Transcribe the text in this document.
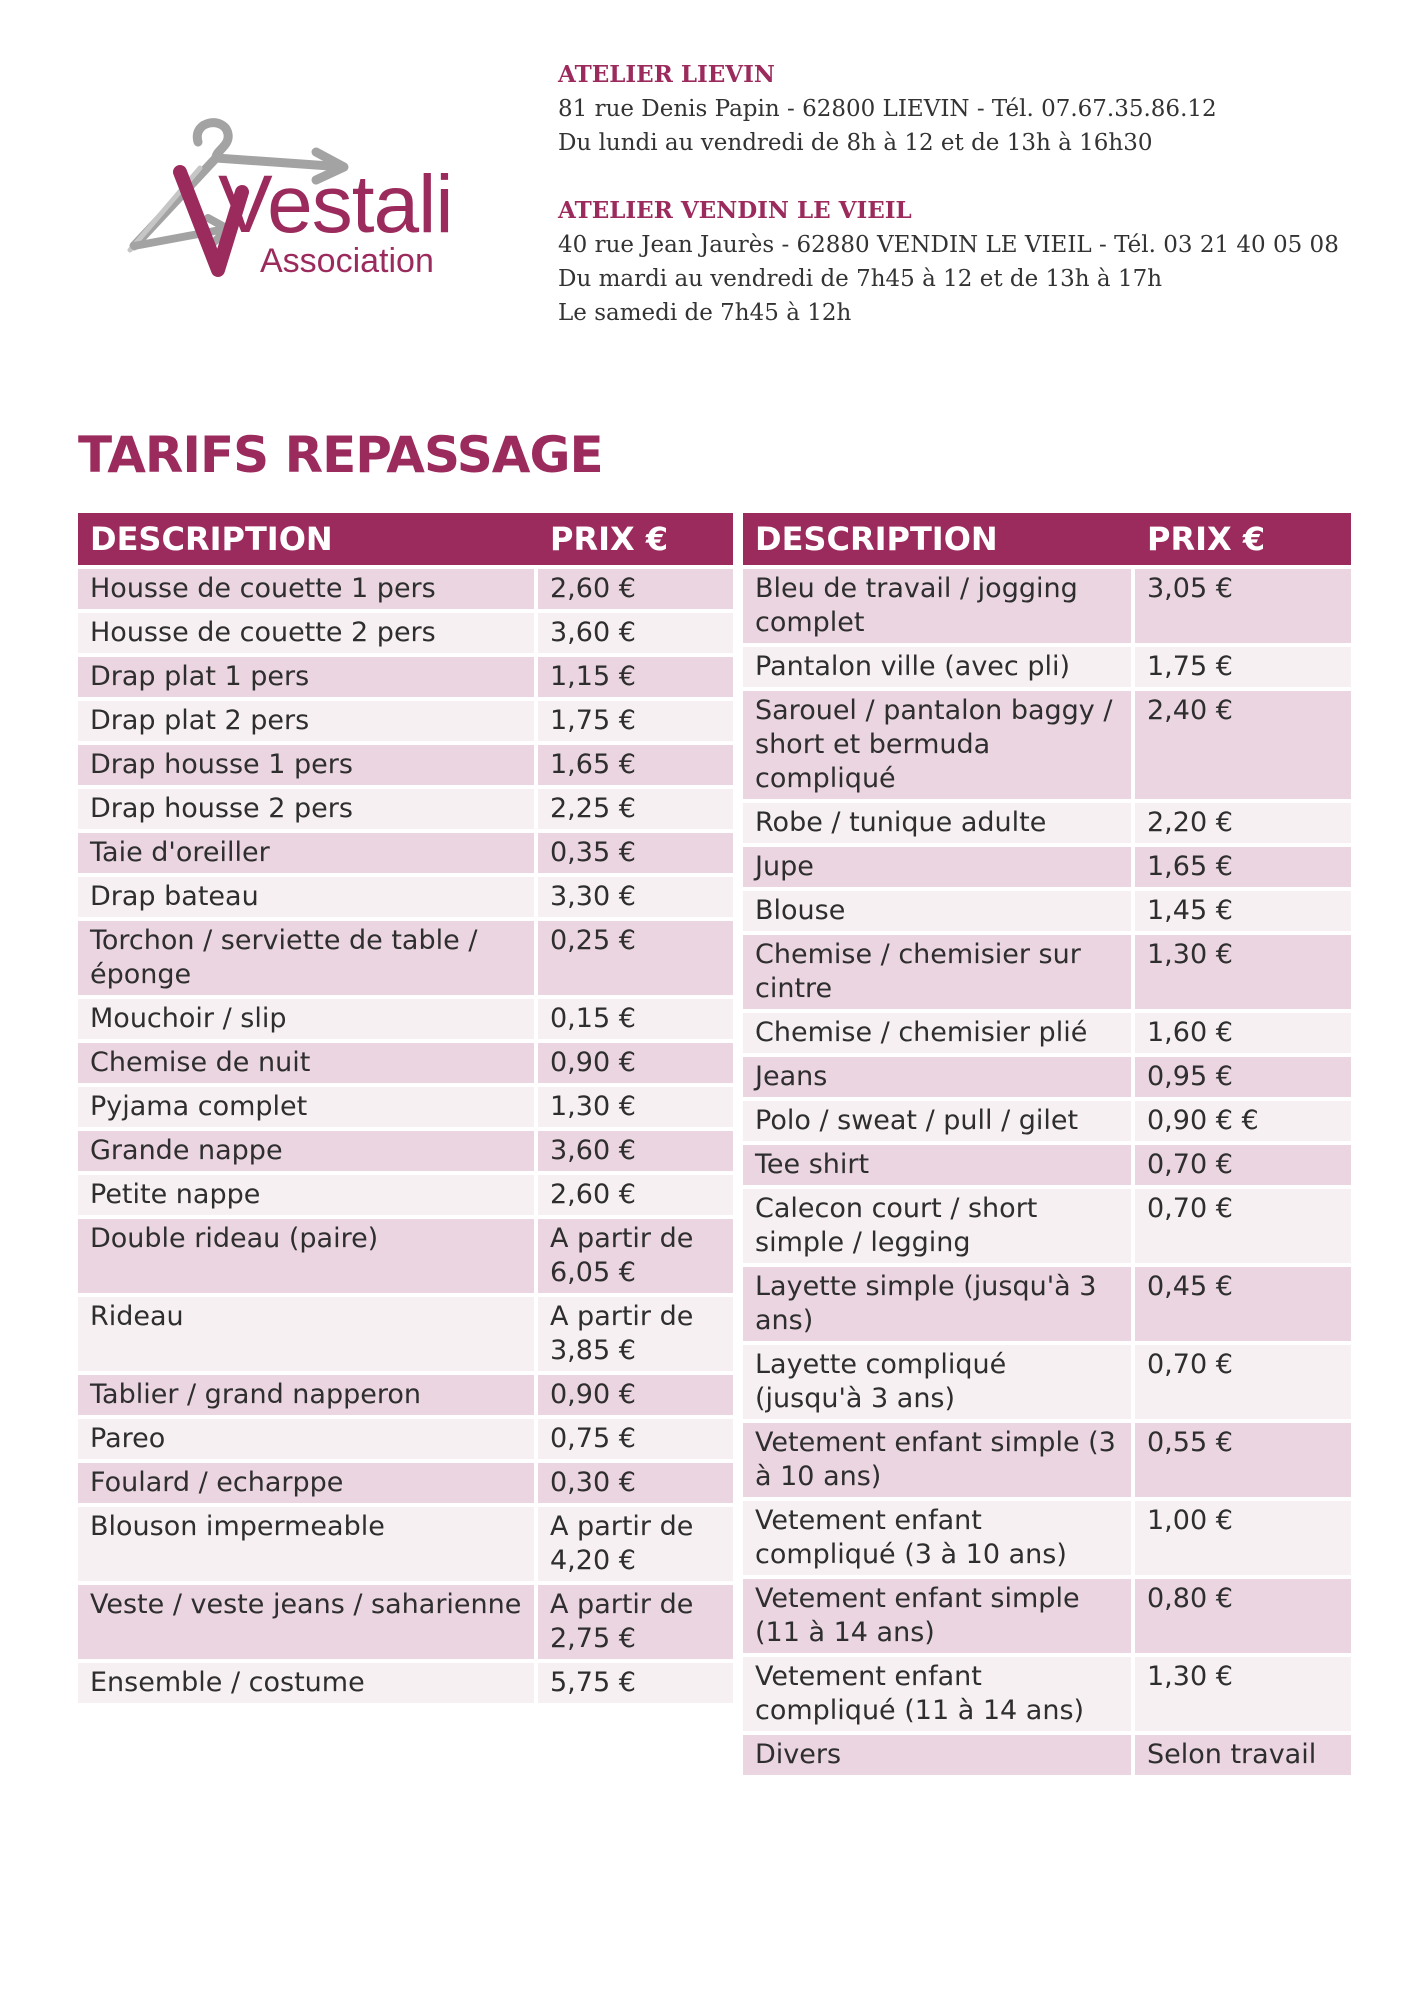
Vestali
Association
ATELIER LIEVIN
81 rue Denis Papin - 62800 LIEVIN - Tél. 07.67.35.86.12
Du lundi au vendredi de 8h à 12 et de 13h à 16h30
ATELIER VENDIN LE VIEIL
40 rue Jean Jaurès - 62880 VENDIN LE VIEIL - Tél. 03 21 40 05 08
Du mardi au vendredi de 7h45 à 12 et de 13h à 17h
Le samedi de 7h45 à 12h
TARIFS REPASSAGE
DESCRIPTION	PRIX €
Housse de couette 1 pers	2,60 €
Housse de couette 2 pers	3,60 €
Drap plat 1 pers	1,15 €
Drap plat 2 pers	1,75 €
Drap housse 1 pers	1,65 €
Drap housse 2 pers	2,25 €
Taie d'oreiller	0,35 €
Drap bateau	3,30 €
Torchon / serviette de table / éponge	0,25 €
Mouchoir / slip	0,15 €
Chemise de nuit	0,90 €
Pyjama complet	1,30 €
Grande nappe	3,60 €
Petite nappe	2,60 €
Double rideau (paire)	A partir de 6,05 €
Rideau	A partir de 3,85 €
Tablier / grand napperon	0,90 €
Pareo	0,75 €
Foulard / echarppe	0,30 €
Blouson impermeable	A partir de 4,20 €
Veste / veste jeans / saharienne	A partir de 2,75 €
Ensemble / costume	5,75 €
DESCRIPTION	PRIX €
Bleu de travail / jogging complet	3,05 €
Pantalon ville (avec pli)	1,75 €
Sarouel / pantalon baggy / short et bermuda compliqué	2,40 €
Robe / tunique adulte	2,20 €
Jupe	1,65 €
Blouse	1,45 €
Chemise / chemisier sur cintre	1,30 €
Chemise / chemisier plié	1,60 €
Jeans	0,95 €
Polo / sweat / pull / gilet	0,90 € €
Tee shirt	0,70 €
Calecon court / short simple / legging	0,70 €
Layette simple (jusqu'à 3 ans)	0,45 €
Layette compliqué (jusqu'à 3 ans)	0,70 €
Vetement enfant simple (3 à 10 ans)	0,55 €
Vetement enfant compliqué (3 à 10 ans)	1,00 €
Vetement enfant simple (11 à 14 ans)	0,80 €
Vetement enfant compliqué (11 à 14 ans)	1,30 €
Divers	Selon travail
